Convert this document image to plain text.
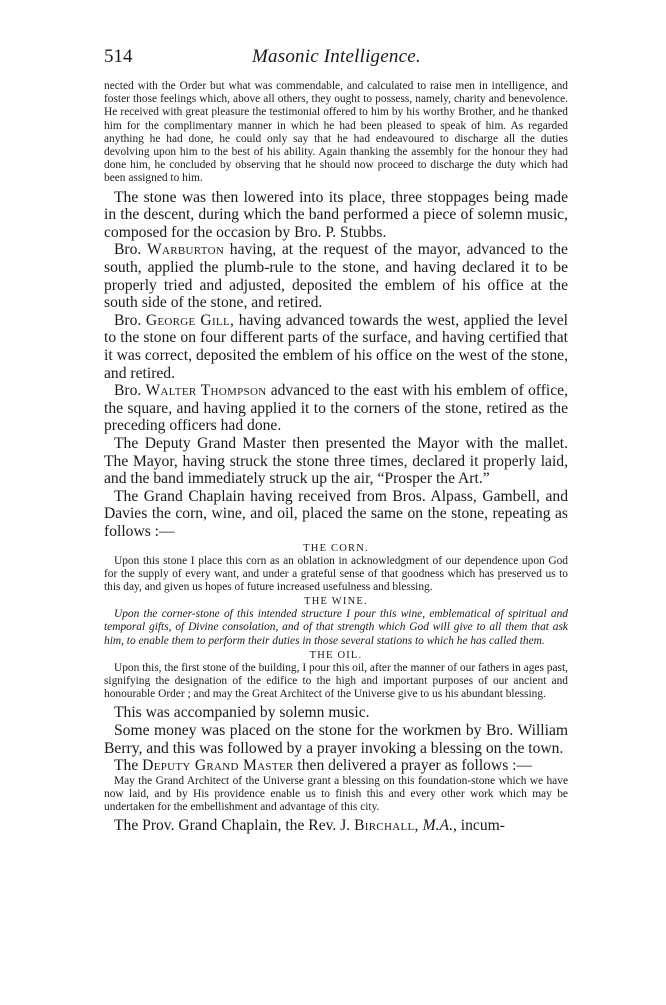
514	Masonic Intelligence.

nected with the Order but what was commendable, and calculated to raise men in intelligence, and foster those feelings which, above all others, they ought to possess, namely, charity and benevolence. He received with great pleasure the testimonial offered to him by his worthy Brother, and he thanked him for the complimentary manner in which he had been pleased to speak of him. As regarded anything he had done, he could only say that he had endeavoured to discharge all the duties devolving upon him to the best of his ability. Again thanking the assembly for the honour they had done him, he concluded by observing that he should now proceed to discharge the duty which had been assigned to him.

The stone was then lowered into its place, three stoppages being made in the descent, during which the band performed a piece of solemn music, composed for the occasion by Bro. P. Stubbs.

Bro. Warburton having, at the request of the mayor, advanced to the south, applied the plumb-rule to the stone, and having declared it to be properly tried and adjusted, deposited the emblem of his office at the south side of the stone, and retired.

Bro. George Gill, having advanced towards the west, applied the level to the stone on four different parts of the surface, and having certified that it was correct, deposited the emblem of his office on the west of the stone, and retired.

Bro. Walter Thompson advanced to the east with his emblem of office, the square, and having applied it to the corners of the stone, retired as the preceding officers had done.

The Deputy Grand Master then presented the Mayor with the mallet. The Mayor, having struck the stone three times, declared it properly laid, and the band immediately struck up the air, “Prosper the Art.”

The Grand Chaplain having received from Bros. Alpass, Gambell, and Davies the corn, wine, and oil, placed the same on the stone, repeating as follows :—

THE CORN.

Upon this stone I place this corn as an oblation in acknowledgment of our dependence upon God for the supply of every want, and under a grateful sense of that goodness which has preserved us to this day, and given us hopes of future increased usefulness and blessing.

THE WINE.

Upon the corner-stone of this intended structure I pour this wine, emblematical of spiritual and temporal gifts, of Divine consolation, and of that strength which God will give to all them that ask him, to enable them to perform their duties in those several stations to which he has called them.

THE OIL.

Upon this, the first stone of the building, I pour this oil, after the manner of our fathers in ages past, signifying the designation of the edifice to the high and important purposes of our ancient and honourable Order ; and may the Great Architect of the Universe give to us his abundant blessing.

This was accompanied by solemn music.

Some money was placed on the stone for the workmen by Bro. William Berry, and this was followed by a prayer invoking a blessing on the town.

The Deputy Grand Master then delivered a prayer as follows :—

May the Grand Architect of the Universe grant a blessing on this foundation-stone which we have now laid, and by His providence enable us to finish this and every other work which may be undertaken for the embellishment and advantage of this city.

The Prov. Grand Chaplain, the Rev. J. Birchall, M.A., incum-
